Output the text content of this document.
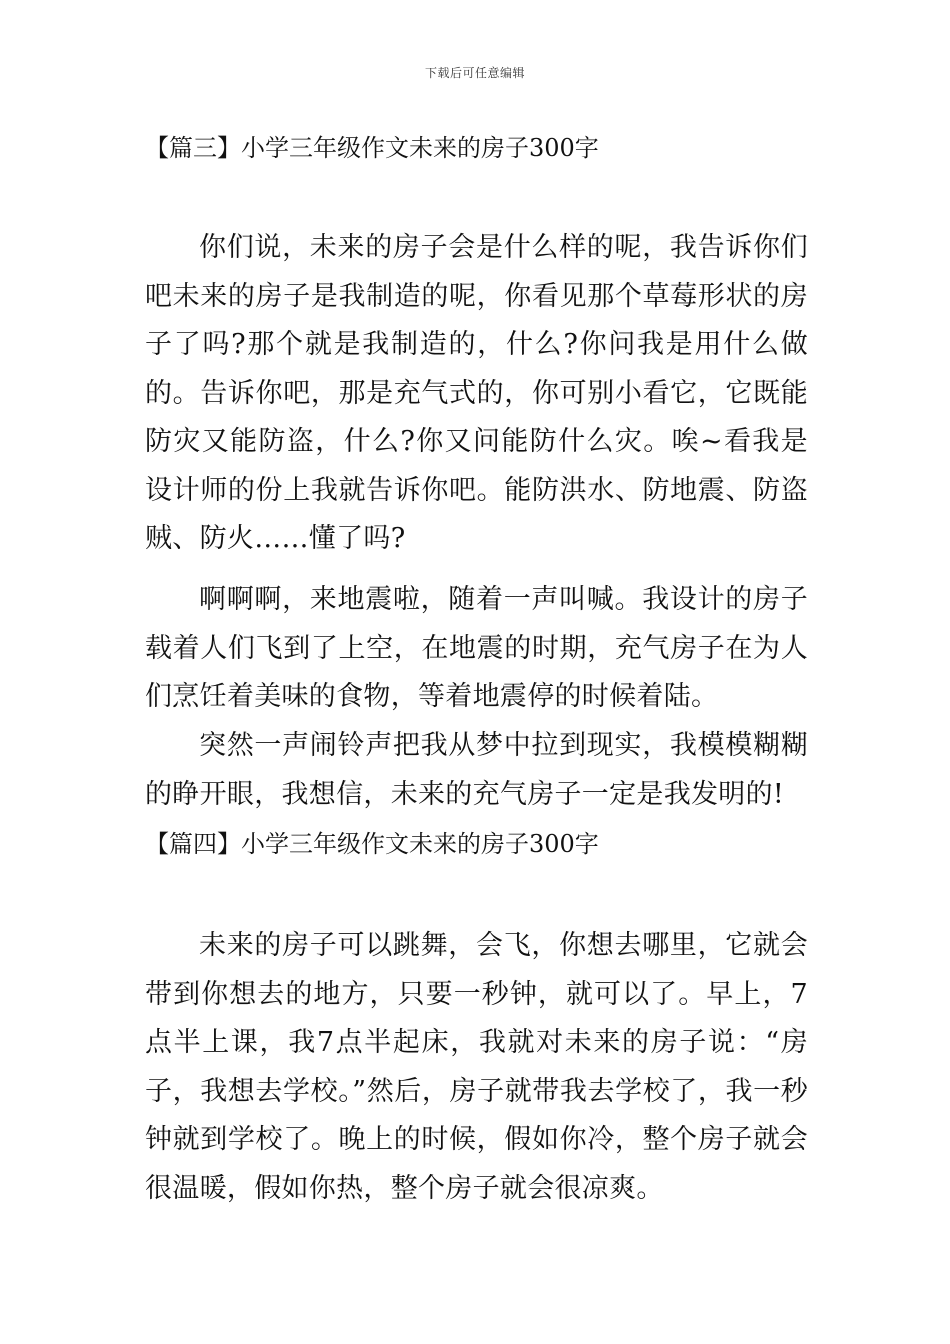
下载后可任意编辑
【篇三】小学三年级作文未来的房子300字

你们说，未来的房子会是什么样的呢，我告诉你们吧未来的房子是我制造的呢，你看见那个草莓形状的房子了吗?那个就是我制造的，什么?你问我是用什么做的。告诉你吧，那是充气式的，你可别小看它，它既能防灾又能防盗，什么?你又问能防什么灾。唉~看我是设计师的份上我就告诉你吧。能防洪水、防地震、防盗贼、防火……懂了吗?

啊啊啊，来地震啦，随着一声叫喊。我设计的房子载着人们飞到了上空，在地震的时期，充气房子在为人们烹饪着美味的食物，等着地震停的时候着陆。

突然一声闹铃声把我从梦中拉到现实，我模模糊糊的睁开眼，我想信，未来的充气房子一定是我发明的!

【篇四】小学三年级作文未来的房子300字

未来的房子可以跳舞，会飞，你想去哪里，它就会带到你想去的地方，只要一秒钟，就可以了。早上，7点半上课，我7点半起床，我就对未来的房子说：“房子，我想去学校。”然后，房子就带我去学校了，我一秒钟就到学校了。晚上的时候，假如你冷，整个房子就会很温暖，假如你热，整个房子就会很凉爽。
